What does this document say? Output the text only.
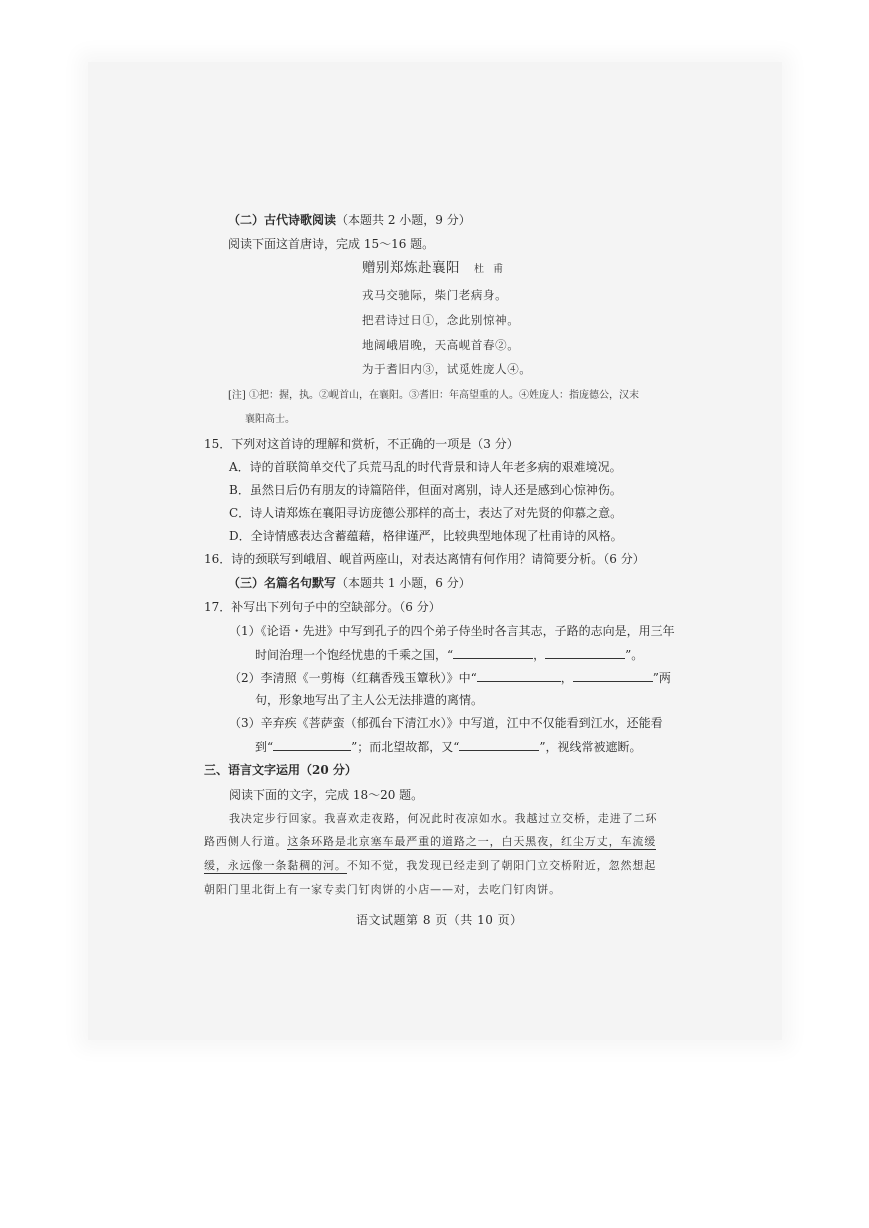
（二）古代诗歌阅读（本题共 2 小题，9 分）
阅读下面这首唐诗，完成 15～16 题。
赠别郑炼赴襄阳 杜 甫
戎马交驰际，柴门老病身。
把君诗过日①，念此别惊神。
地阔峨眉晚，天高岘首春②。
为于耆旧内③，试觅姓庞人④。
[注] ①把：握，执。②岘首山，在襄阳。③耆旧：年高望重的人。④姓庞人：指庞德公，汉末
襄阳高士。
15．下列对这首诗的理解和赏析，不正确的一项是（3 分）
A．诗的首联简单交代了兵荒马乱的时代背景和诗人年老多病的艰难境况。
B．虽然日后仍有朋友的诗篇陪伴，但面对离别，诗人还是感到心惊神伤。
C．诗人请郑炼在襄阳寻访庞德公那样的高士，表达了对先贤的仰慕之意。
D．全诗情感表达含蓄蕴藉，格律谨严，比较典型地体现了杜甫诗的风格。
16．诗的颈联写到峨眉、岘首两座山，对表达离情有何作用？请简要分析。（6 分）
（三）名篇名句默写（本题共 1 小题，6 分）
17．补写出下列句子中的空缺部分。（6 分）
（1）《论语・先进》中写到孔子的四个弟子侍坐时各言其志，子路的志向是，用三年
时间治理一个饱经忧患的千乘之国，“	，	”。
（2）李清照《一剪梅（红藕香残玉簟秋）》中“	，	”两
句，形象地写出了主人公无法排遣的离情。
（3）辛弃疾《菩萨蛮（郁孤台下清江水）》中写道，江中不仅能看到江水，还能看
到“	”；而北望故都，又“	”，视线常被遮断。
三、语言文字运用（20 分）
阅读下面的文字，完成 18～20 题。
我决定步行回家。我喜欢走夜路，何况此时夜凉如水。我越过立交桥，走进了二环
路西侧人行道。这条环路是北京塞车最严重的道路之一，白天黑夜，红尘万丈，车流缓
缓，永远像一条黏稠的河。不知不觉，我发现已经走到了朝阳门立交桥附近，忽然想起
朝阳门里北街上有一家专卖门钉肉饼的小店——对，去吃门钉肉饼。
语文试题第 8 页（共 10 页）
